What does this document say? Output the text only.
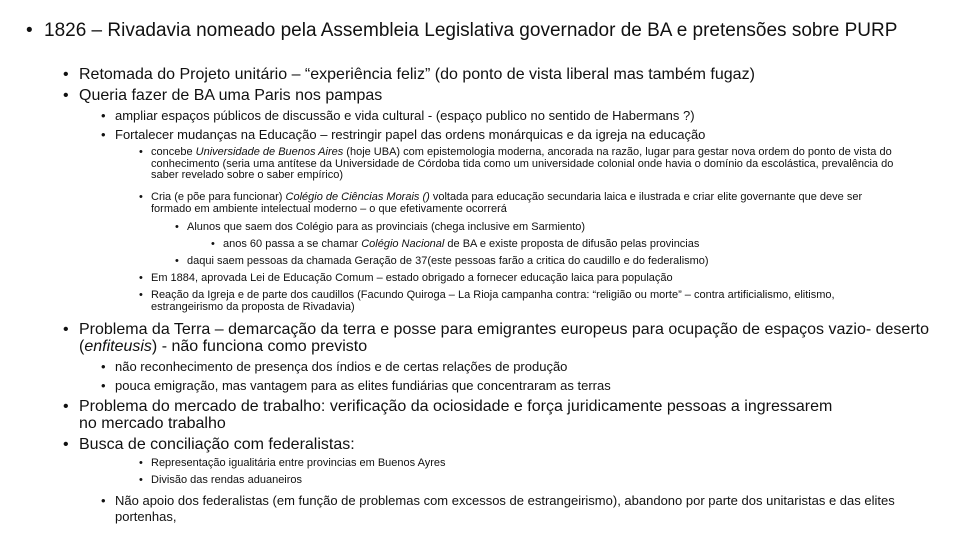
• 1826 – Rivadavia nomeado pela Assembleia Legislativa governador de BA e pretensões sobre PURP
• Retomada do Projeto unitário – “experiência feliz” (do ponto de vista liberal mas também fugaz)
• Queria fazer de BA uma Paris nos pampas
• ampliar espaços públicos de discussão e vida cultural - (espaço publico no sentido de Habermans ?)
• Fortalecer mudanças na Educação – restringir papel das ordens monárquicas e da igreja na educação
• concebe Universidade de Buenos Aires (hoje UBA) com epistemologia moderna, ancorada na razão, lugar para gestar nova ordem do ponto de vista do conhecimento (seria uma antítese da Universidade de Córdoba tida como um universidade colonial onde havia o domínio da escolástica, prevalência do saber revelado sobre o saber empírico)
• Cria (e põe para funcionar) Colégio de Ciências Morais () voltada para educação secundaria laica e ilustrada e criar elite governante que deve ser formado em ambiente intelectual moderno – o que efetivamente ocorrerá
• Alunos que saem dos Colégio para as provinciais (chega inclusive em Sarmiento)
• anos 60 passa a se chamar Colégio Nacional de BA e existe proposta de difusão pelas provincias
• daqui saem pessoas da chamada Geração de 37(este pessoas farão a critica do caudillo e do federalismo)
• Em 1884, aprovada Lei de Educação Comum – estado obrigado a fornecer educação laica para população
• Reação da Igreja e de parte dos caudillos (Facundo Quiroga – La Rioja campanha contra: “religião ou morte” – contra artificialismo, elitismo, estrangeirismo da proposta de Rivadavia)
• Problema da Terra – demarcação da terra e posse para emigrantes europeus para ocupação de espaços vazio- deserto (enfiteusis) - não funciona como previsto
• não reconhecimento de presença dos índios e de certas relações de produção
• pouca emigração, mas vantagem para as elites fundiárias que concentraram as terras
• Problema do mercado de trabalho: verificação da ociosidade e força juridicamente pessoas a ingressarem no mercado trabalho
• Busca de conciliação com federalistas:
• Representação igualitária entre provincias em Buenos Ayres
• Divisão das rendas aduaneiros
• Não apoio dos federalistas (em função de problemas com excessos de estrangeirismo), abandono por parte dos unitaristas e das elites portenhas,
